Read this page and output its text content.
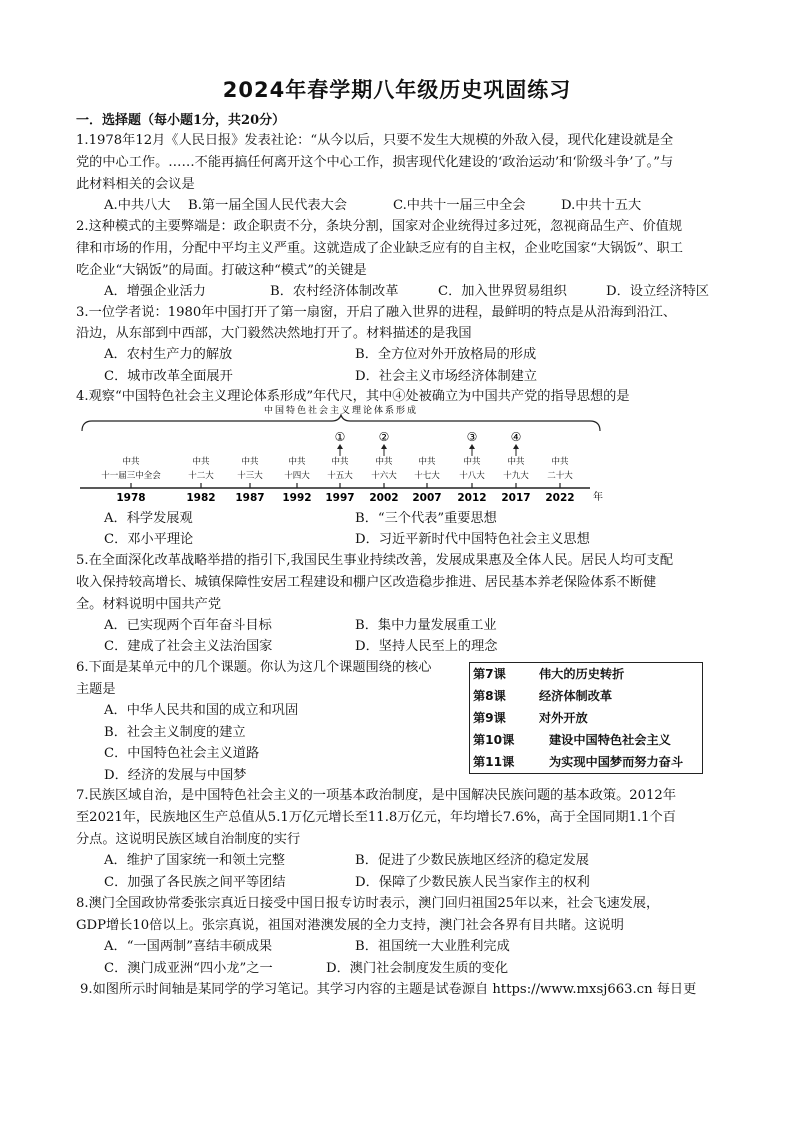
2024年春学期八年级历史巩固练习
一．选择题（每小题1分，共20分）
1.1978年12月《人民日报》发表社论：“从今以后，只要不发生大规模的外敌入侵，现代化建设就是全
党的中心工作。……不能再搞任何离开这个中心工作，损害现代化建设的‘政治运动’和‘阶级斗争’了。”与
此材料相关的会议是
A.中共八大 B.第一届全国人民代表大会	C.中共十一届三中全会	D.中共十五大
2.这种模式的主要弊端是：政企职责不分，条块分割，国家对企业统得过多过死，忽视商品生产、价值规
律和市场的作用，分配中平均主义严重。这就造成了企业缺乏应有的自主权，企业吃国家“大锅饭”、职工
吃企业“大锅饭”的局面。打破这种“模式”的关键是
A．增强企业活力	B．农村经济体制改革	C．加入世界贸易组织	D．设立经济特区
3.一位学者说：1980年中国打开了第一扇窗，开启了融入世界的进程，最鲜明的特点是从沿海到沿江、
沿边，从东部到中西部，大门毅然决然地打开了。材料描述的是我国
A．农村生产力的解放	B．全方位对外开放格局的形成
C．城市改革全面展开	D．社会主义市场经济体制建立
4.观察“中国特色社会主义理论体系形成”年代尺，其中④处被确立为中国共产党的指导思想的是
中国特色社会主义理论体系形成
中共
十一届三中全会
1978
中共
十二大
1982
中共
十三大
1987
中共
十四大
1992
中共
十五大
1997
中共
十六大
2002
中共
十七大
2007
中共
十八大
2012
中共
十九大
2017
中共
二十大
2022
①	②	③	④
年
A．科学发展观	B．“三个代表”重要思想
C．邓小平理论	D．习近平新时代中国特色社会主义思想
5.在全面深化改革战略举措的指引下,我国民生事业持续改善，发展成果惠及全体人民。居民人均可支配
收入保持较高增长、城镇保障性安居工程建设和棚户区改造稳步推进、居民基本养老保险体系不断健
全。材料说明中国共产党
A．已实现两个百年奋斗目标	B．集中力量发展重工业
C．建成了社会主义法治国家	D．坚持人民至上的理念
6.下面是某单元中的几个课题。你认为这几个课题围绕的核心
主题是
A．中华人民共和国的成立和巩固
B．社会主义制度的建立
C．中国特色社会主义道路
D．经济的发展与中国梦
第7课	伟大的历史转折
第8课	经济体制改革
第9课	对外开放
第10课	建设中国特色社会主义
第11课	为实现中国梦而努力奋斗
7.民族区域自治，是中国特色社会主义的一项基本政治制度，是中国解决民族问题的基本政策。2012年
至2021年，民族地区生产总值从5.1万亿元增长至11.8万亿元，年均增长7.6%，高于全国同期1.1个百
分点。这说明民族区域自治制度的实行
A．维护了国家统一和领土完整	B．促进了少数民族地区经济的稳定发展
C．加强了各民族之间平等团结	D．保障了少数民族人民当家作主的权利
8.澳门全国政协常委张宗真近日接受中国日报专访时表示，澳门回归祖国25年以来，社会飞速发展，
GDP增长10倍以上。张宗真说，祖国对港澳发展的全力支持，澳门社会各界有目共睹。这说明
A．“一国两制”喜结丰硕成果	B．祖国统一大业胜利完成
C．澳门成亚洲“四小龙”之一	D．澳门社会制度发生质的变化
9.如图所示时间轴是某同学的学习笔记。其学习内容的主题是试卷源自 https://www.mxsj663.cn 每日更
